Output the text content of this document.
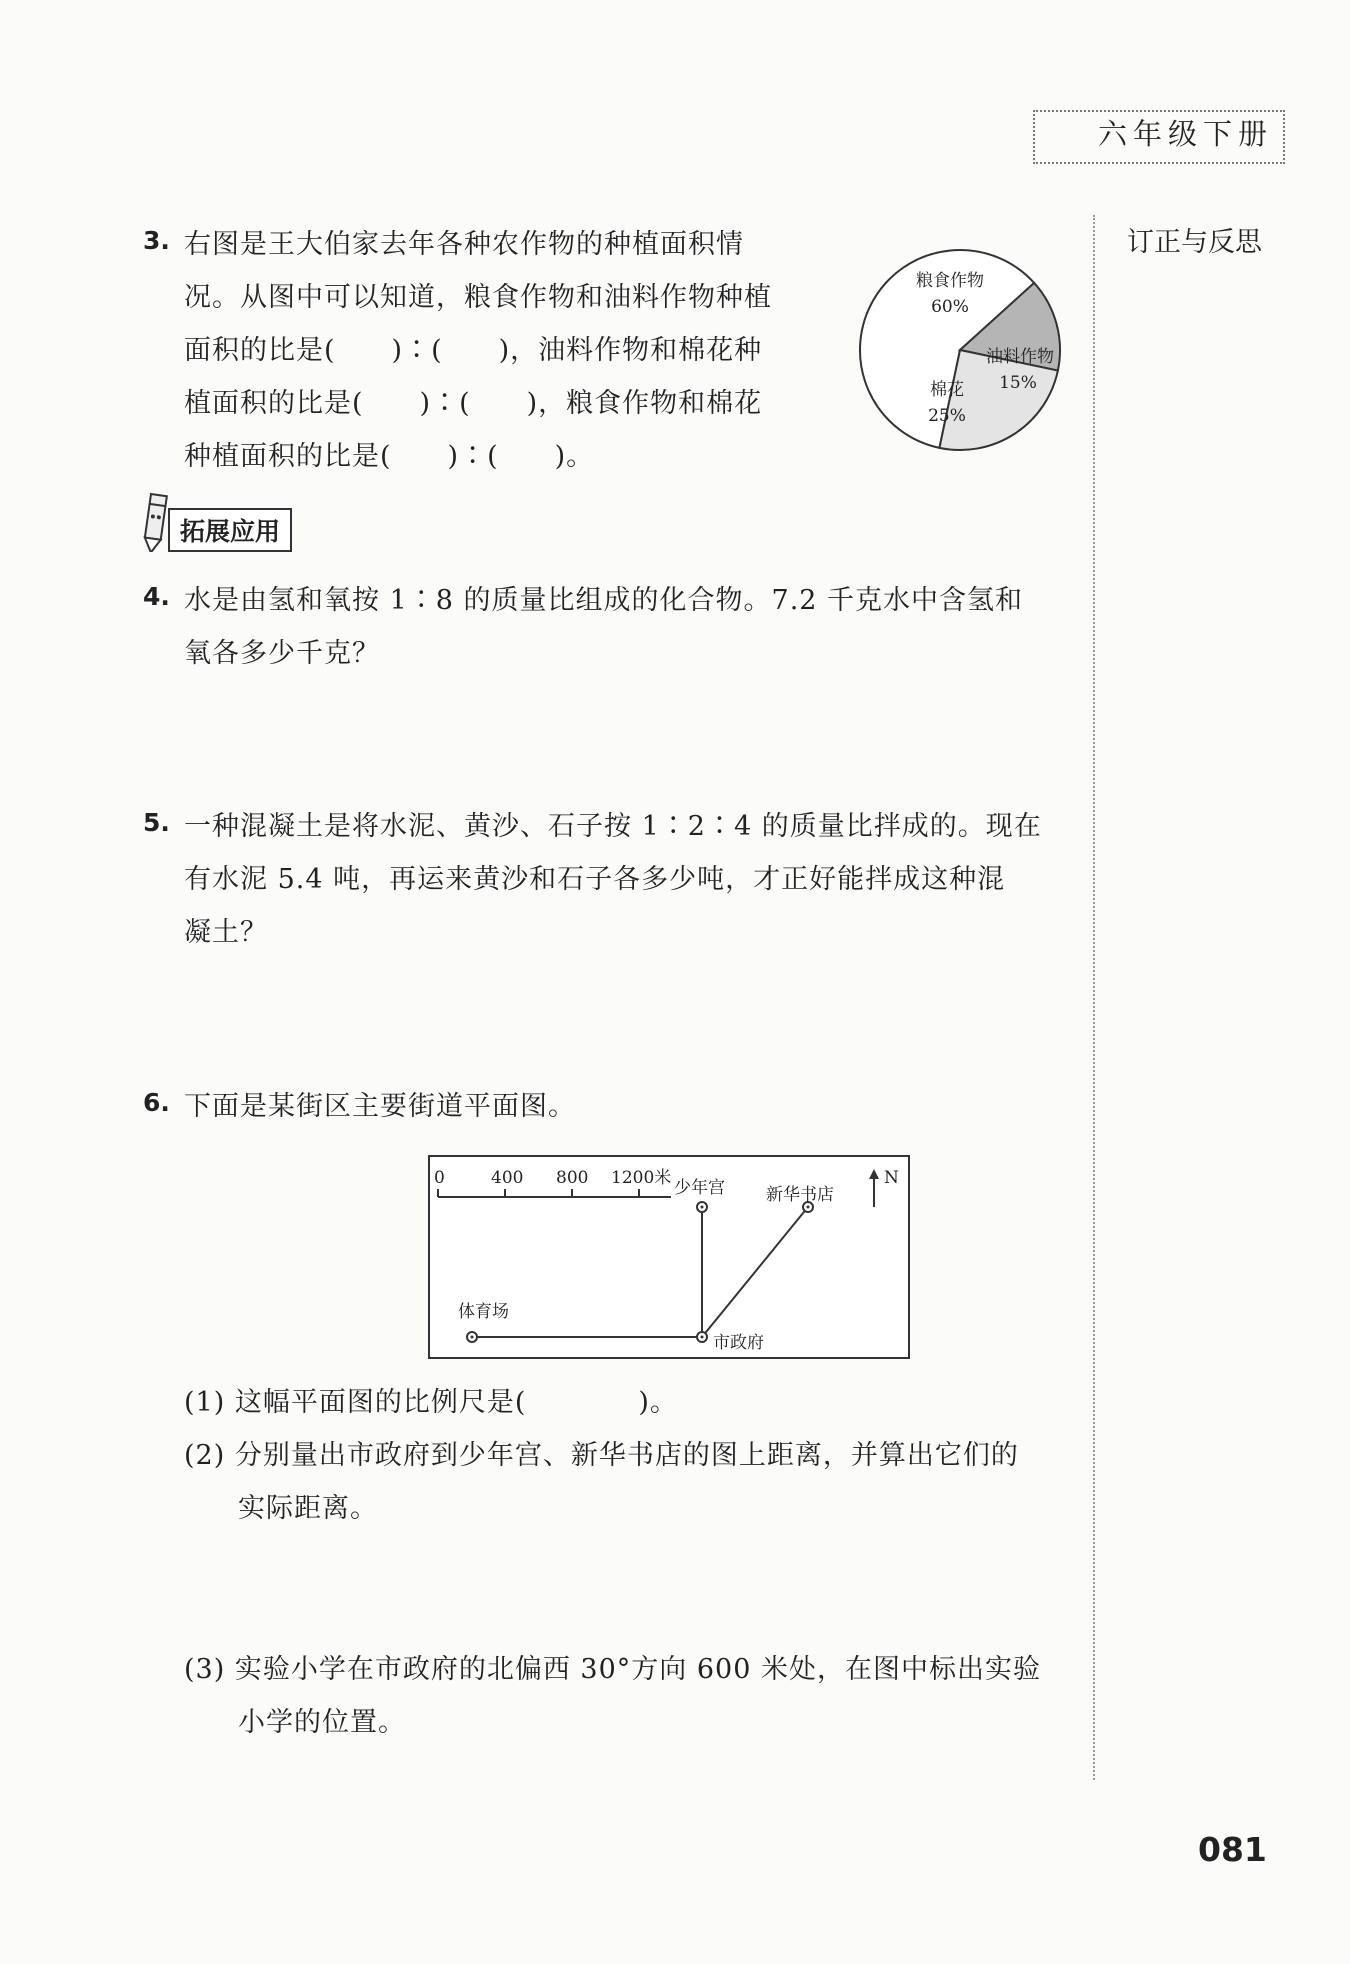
六年级下册
订正与反思
3. 右图是王大伯家去年各种农作物的种植面积情
况。从图中可以知道，粮食作物和油料作物种植
面积的比是(　　)∶(　　)，油料作物和棉花种
植面积的比是(　　)∶(　　)，粮食作物和棉花
种植面积的比是(　　)∶(　　)。
粮食作物
60%
油料作物
15%
棉花
25%
拓展应用
4. 水是由氢和氧按 1∶8 的质量比组成的化合物。7.2 千克水中含氢和
氧各多少千克？
5. 一种混凝土是将水泥、黄沙、石子按 1∶2∶4 的质量比拌成的。现在
有水泥 5.4 吨，再运来黄沙和石子各多少吨，才正好能拌成这种混
凝土？
6. 下面是某街区主要街道平面图。
0	400 800 1200米	N
少年宫 新华书店
体育场
市政府
(1) 这幅平面图的比例尺是(　　　　)。
(2) 分别量出市政府到少年宫、新华书店的图上距离，并算出它们的
实际距离。
(3) 实验小学在市政府的北偏西 30°方向 600 米处，在图中标出实验
小学的位置。
081
